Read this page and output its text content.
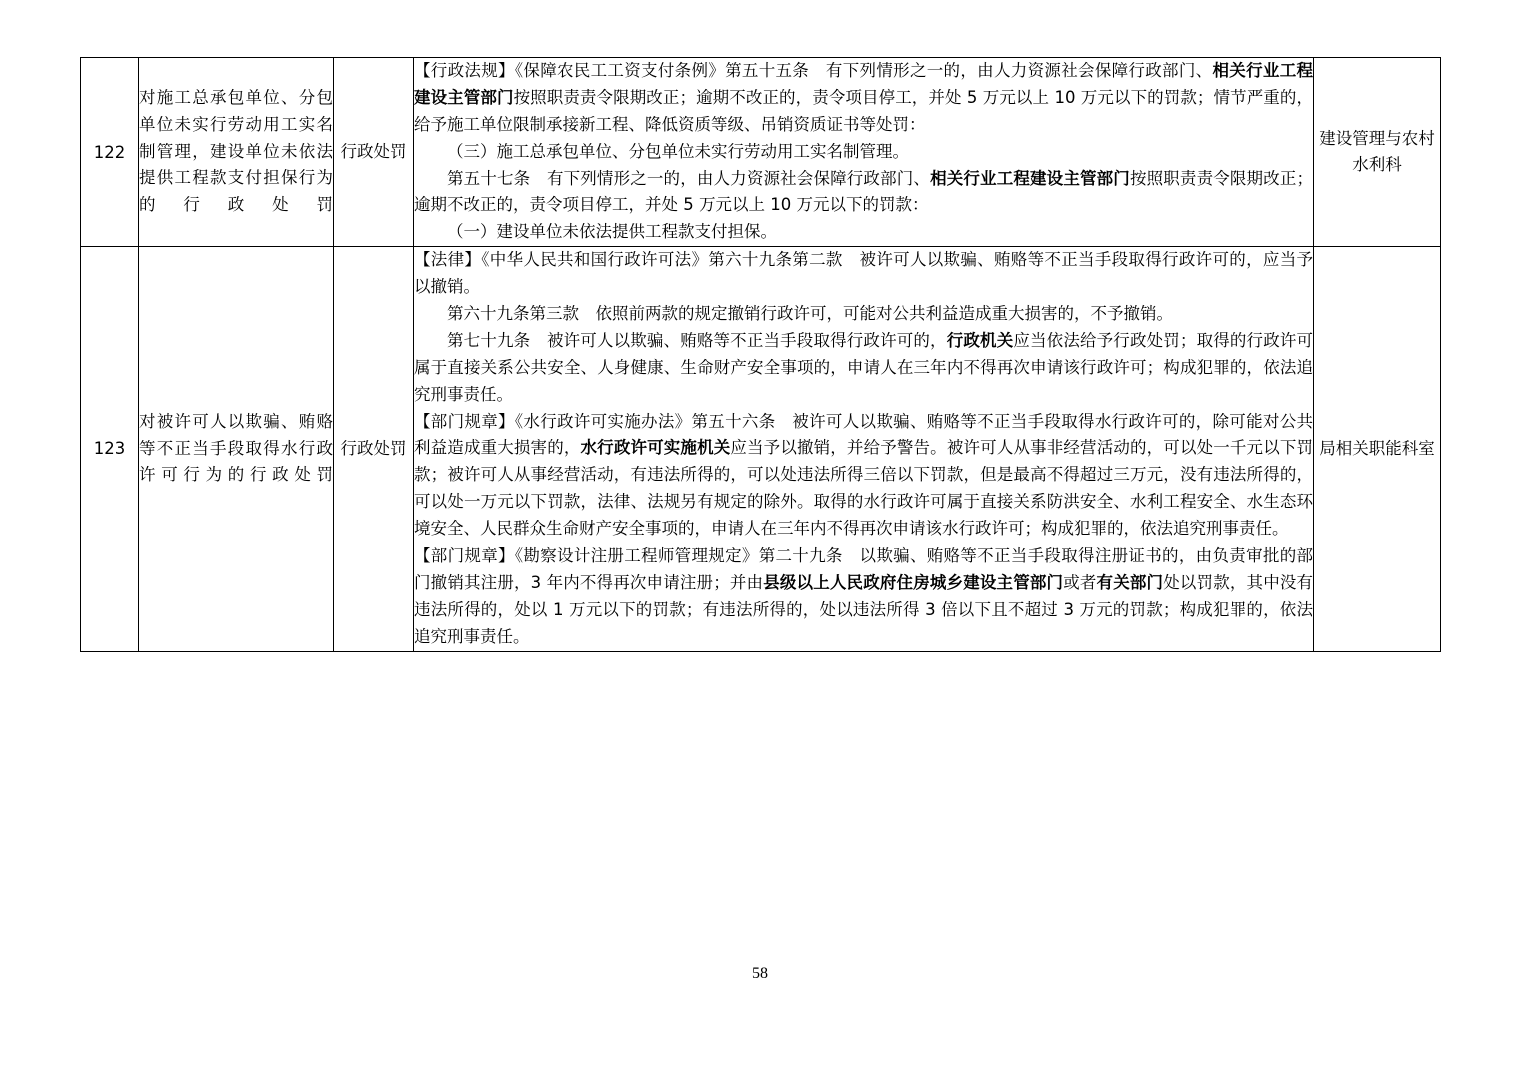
122	对施工总承包单位、分包单位未实行劳动用工实名制管理，建设单位未依法提供工程款支付担保行为的行政处罚	行政处罚	【行政法规】《保障农民工工资支付条例》第五十五条　有下列情形之一的，由人力资源社会保障行政部门、相关行业工程建设主管部门按照职责责令限期改正；逾期不改正的，责令项目停工，并处 5 万元以上 10 万元以下的罚款；情节严重的，给予施工单位限制承接新工程、降低资质等级、吊销资质证书等处罚：

（三）施工总承包单位、分包单位未实行劳动用工实名制管理。

第五十七条　有下列情形之一的，由人力资源社会保障行政部门、相关行业工程建设主管部门按照职责责令限期改正；逾期不改正的，责令项目停工，并处 5 万元以上 10 万元以下的罚款：

（一）建设单位未依法提供工程款支付担保。	建设管理与农村水利科
123	对被许可人以欺骗、贿赂等不正当手段取得水行政许可行为的行政处罚	行政处罚	【法律】《中华人民共和国行政许可法》第六十九条第二款　被许可人以欺骗、贿赂等不正当手段取得行政许可的，应当予以撤销。

第六十九条第三款　依照前两款的规定撤销行政许可，可能对公共利益造成重大损害的，不予撤销。

第七十九条　被许可人以欺骗、贿赂等不正当手段取得行政许可的，行政机关应当依法给予行政处罚；取得的行政许可属于直接关系公共安全、人身健康、生命财产安全事项的，申请人在三年内不得再次申请该行政许可；构成犯罪的，依法追究刑事责任。

【部门规章】《水行政许可实施办法》第五十六条　被许可人以欺骗、贿赂等不正当手段取得水行政许可的，除可能对公共利益造成重大损害的，水行政许可实施机关应当予以撤销，并给予警告。被许可人从事非经营活动的，可以处一千元以下罚款；被许可人从事经营活动，有违法所得的，可以处违法所得三倍以下罚款，但是最高不得超过三万元，没有违法所得的，可以处一万元以下罚款，法律、法规另有规定的除外。取得的水行政许可属于直接关系防洪安全、水利工程安全、水生态环境安全、人民群众生命财产安全事项的，申请人在三年内不得再次申请该水行政许可；构成犯罪的，依法追究刑事责任。

【部门规章】《勘察设计注册工程师管理规定》第二十九条　以欺骗、贿赂等不正当手段取得注册证书的，由负责审批的部门撤销其注册，3 年内不得再次申请注册；并由县级以上人民政府住房城乡建设主管部门或者有关部门处以罚款，其中没有违法所得的，处以 1 万元以下的罚款；有违法所得的，处以违法所得 3 倍以下且不超过 3 万元的罚款；构成犯罪的，依法追究刑事责任。	局相关职能科室
58
